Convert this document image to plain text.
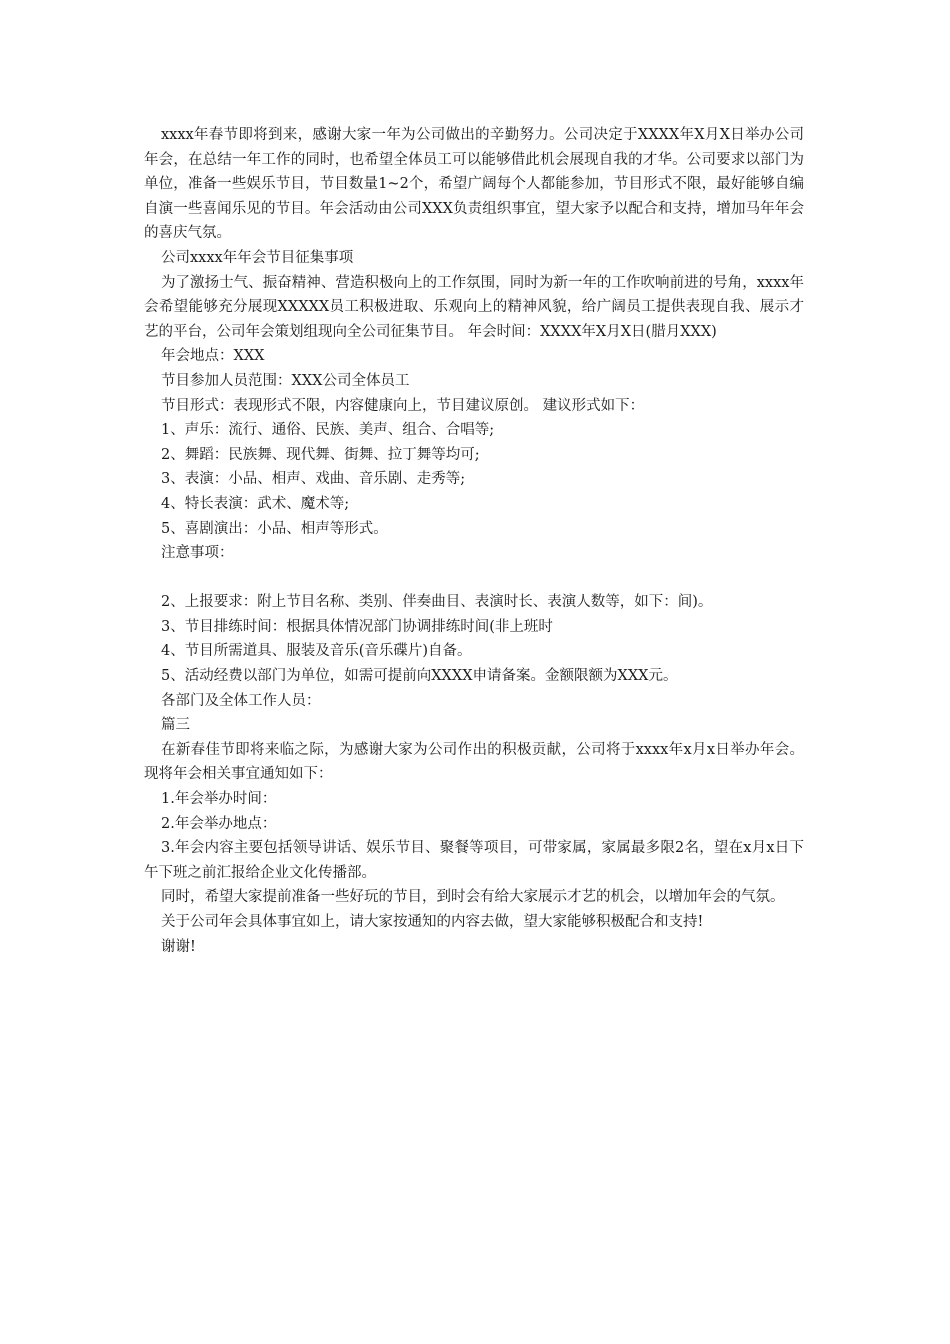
xxxx年春节即将到来，感谢大家一年为公司做出的辛勤努力。公司决定于XXXX年X月X日举办公司年会，在总结一年工作的同时，也希望全体员工可以能够借此机会展现自我的才华。公司要求以部门为单位，准备一些娱乐节目，节目数量1~2个，希望广阔每个人都能参加，节目形式不限，最好能够自编自演一些喜闻乐见的节目。年会活动由公司XXX负责组织事宜，望大家予以配合和支持，增加马年年会的喜庆气氛。

公司xxxx年年会节目征集事项

为了激扬士气、振奋精神、营造积极向上的工作氛围，同时为新一年的工作吹响前进的号角，xxxx年会希望能够充分展现XXXXX员工积极进取、乐观向上的精神风貌，给广阔员工提供表现自我、展示才艺的平台，公司年会策划组现向全公司征集节目。 年会时间：XXXX年X月X日(腊月XXX)

年会地点：XXX

节目参加人员范围：XXX公司全体员工

节目形式：表现形式不限，内容健康向上，节目建议原创。 建议形式如下：

1、声乐：流行、通俗、民族、美声、组合、合唱等;

2、舞蹈：民族舞、现代舞、街舞、拉丁舞等均可;

3、表演：小品、相声、戏曲、音乐剧、走秀等;

4、特长表演：武术、魔术等;

5、喜剧演出：小品、相声等形式。

注意事项：

2、上报要求：附上节目名称、类别、伴奏曲目、表演时长、表演人数等，如下：间)。

3、节目排练时间：根据具体情况部门协调排练时间(非上班时

4、节目所需道具、服装及音乐(音乐碟片)自备。

5、活动经费以部门为单位，如需可提前向XXXX申请备案。金额限额为XXX元。

各部门及全体工作人员：

篇三

在新春佳节即将来临之际，为感谢大家为公司作出的积极贡献，公司将于xxxx年x月x日举办年会。现将年会相关事宜通知如下：

1.年会举办时间：

2.年会举办地点：

3.年会内容主要包括领导讲话、娱乐节目、聚餐等项目，可带家属，家属最多限2名，望在x月x日下午下班之前汇报给企业文化传播部。

同时，希望大家提前准备一些好玩的节目，到时会有给大家展示才艺的机会，以增加年会的气氛。

关于公司年会具体事宜如上，请大家按通知的内容去做，望大家能够积极配合和支持!

谢谢!
